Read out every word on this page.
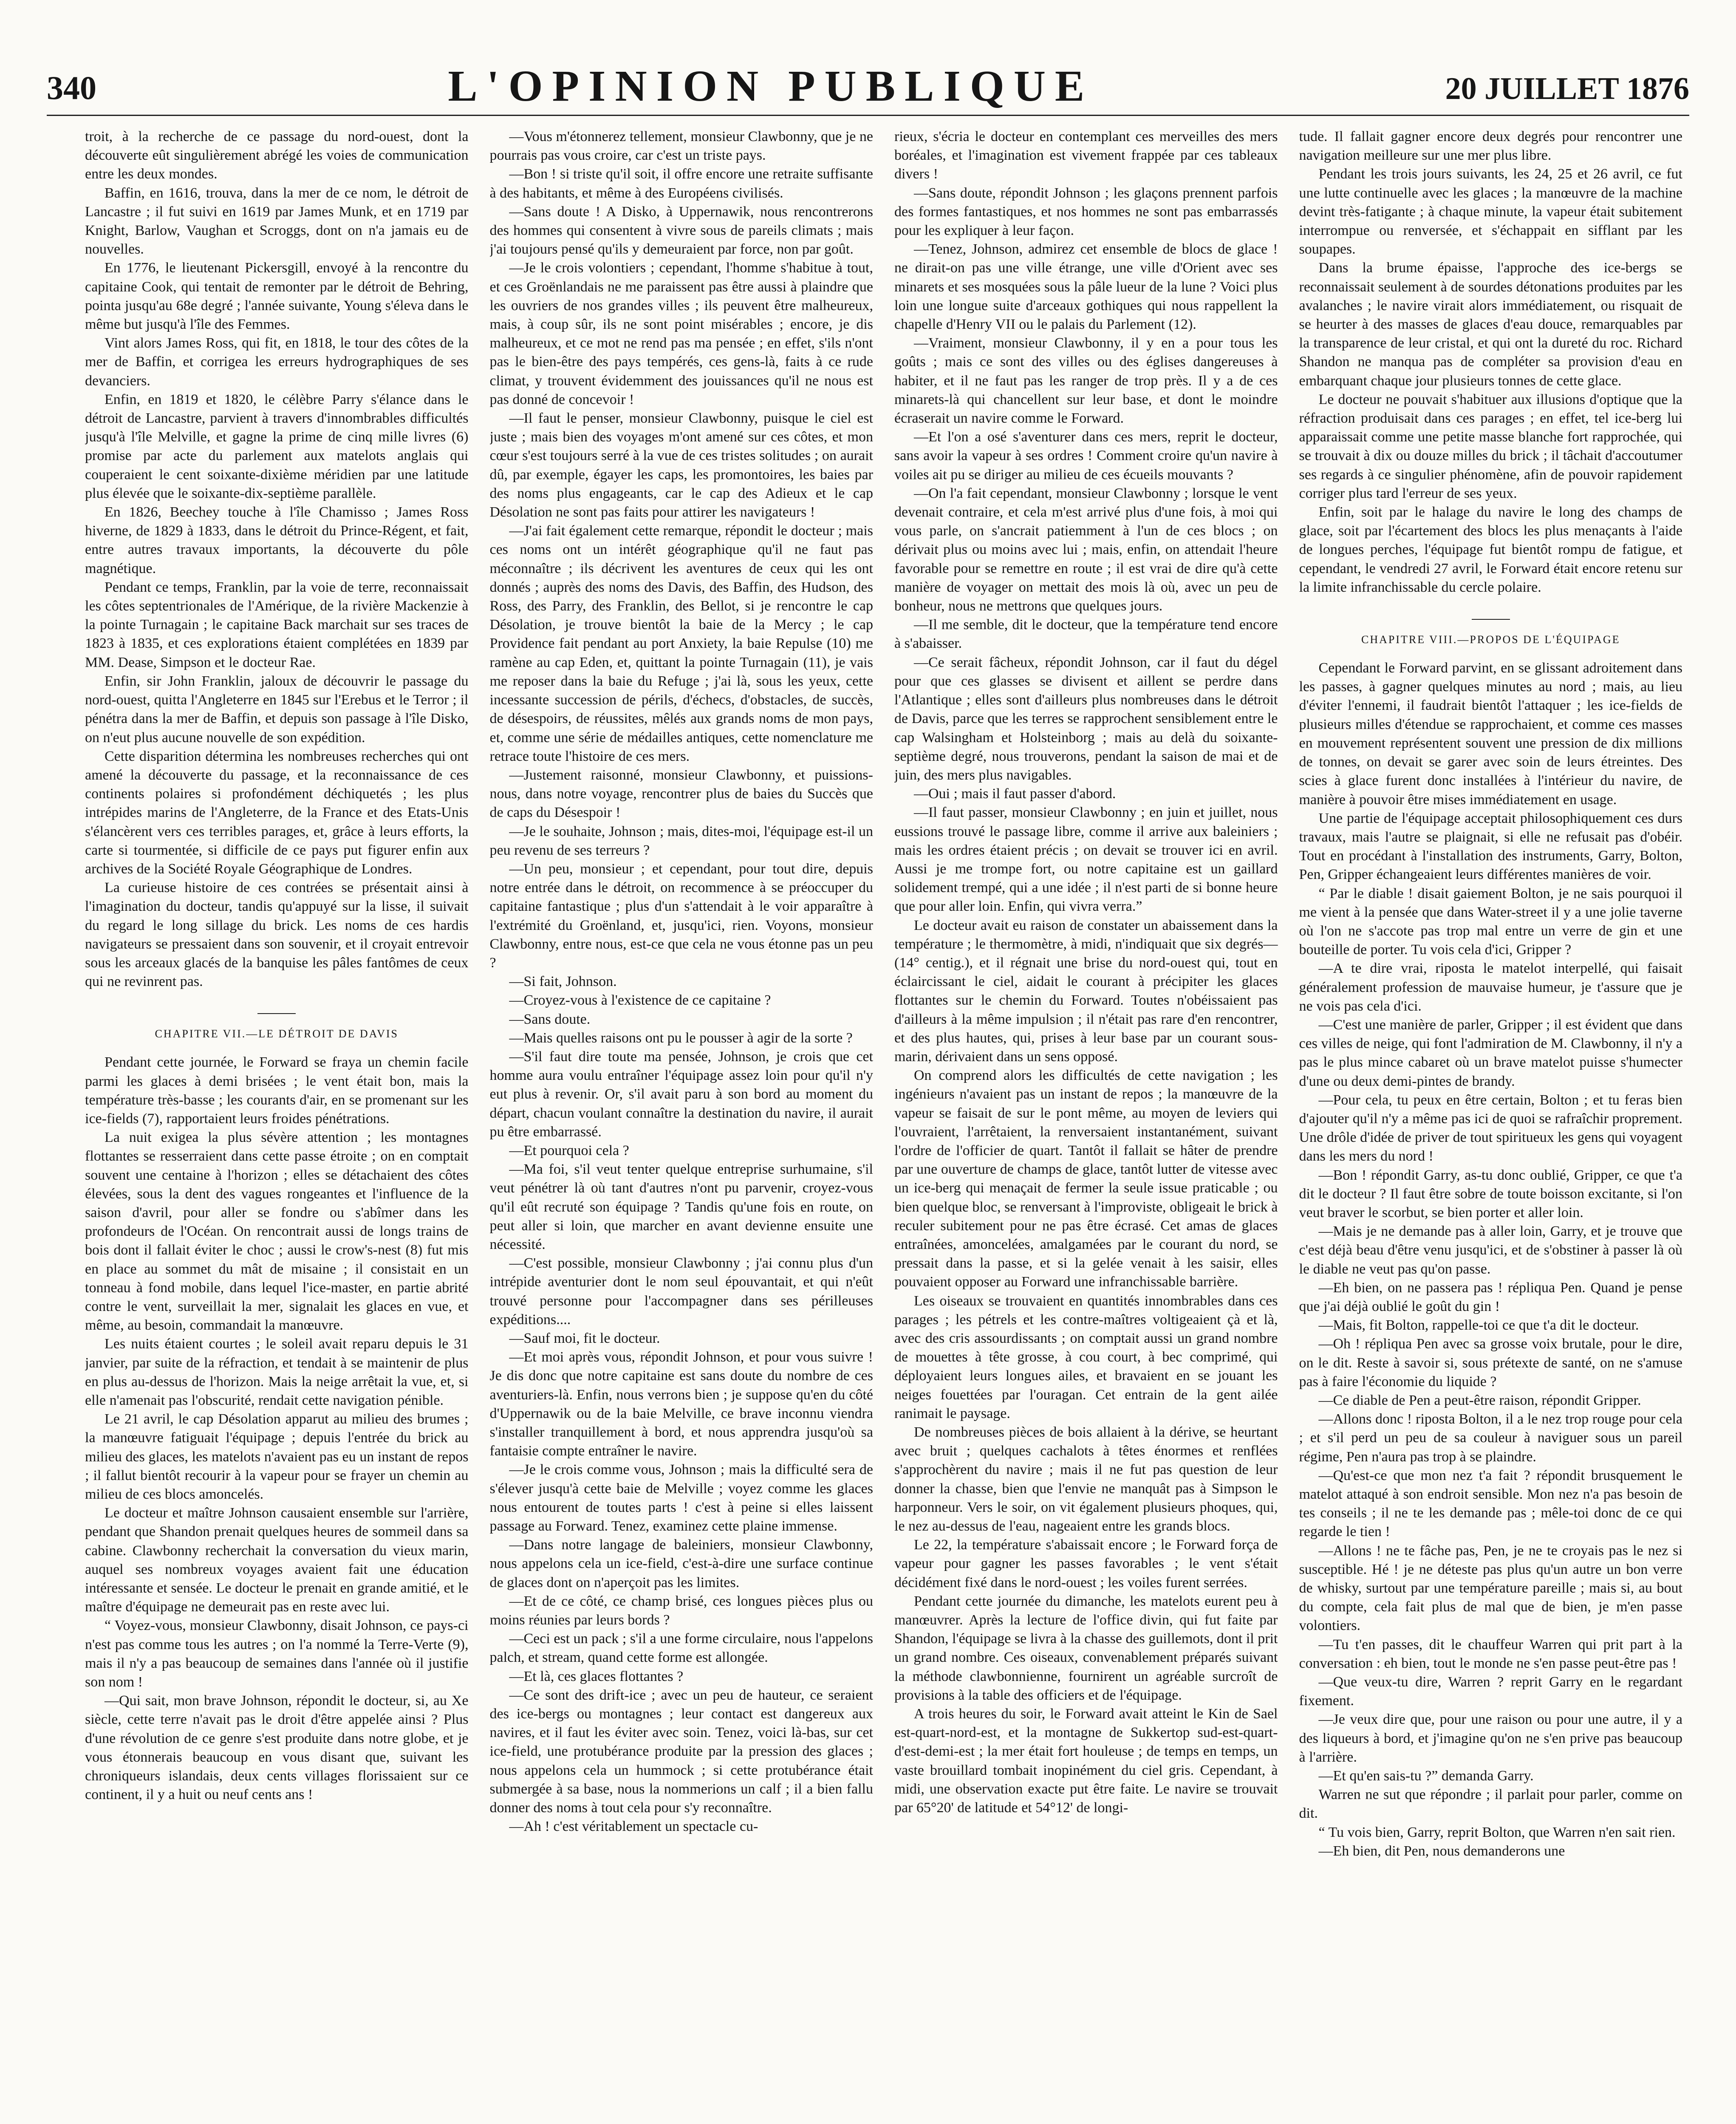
340	L'OPINION PUBLIQUE	20 JUILLET 1876

troit, à la recherche de ce passage du nord-ouest, dont la découverte eût singulièrement abrégé les voies de communication entre les deux mondes.

Baffin, en 1616, trouva, dans la mer de ce nom, le détroit de Lancastre ; il fut suivi en 1619 par James Munk, et en 1719 par Knight, Barlow, Vaughan et Scroggs, dont on n'a jamais eu de nouvelles.

En 1776, le lieutenant Pickersgill, envoyé à la rencontre du capitaine Cook, qui tentait de remonter par le détroit de Behring, pointa jusqu'au 68e degré ; l'année suivante, Young s'éleva dans le même but jusqu'à l'île des Femmes.

Vint alors James Ross, qui fit, en 1818, le tour des côtes de la mer de Baffin, et corrigea les erreurs hydrographiques de ses devanciers.

Enfin, en 1819 et 1820, le célèbre Parry s'élance dans le détroit de Lancastre, parvient à travers d'innombrables difficultés jusqu'à l'île Melville, et gagne la prime de cinq mille livres (6) promise par acte du parlement aux matelots anglais qui couperaient le cent soixante-dixième méridien par une latitude plus élevée que le soixante-dix-septième parallèle.

En 1826, Beechey touche à l'île Chamisso ; James Ross hiverne, de 1829 à 1833, dans le détroit du Prince-Régent, et fait, entre autres travaux importants, la découverte du pôle magnétique.

Pendant ce temps, Franklin, par la voie de terre, reconnaissait les côtes septentrionales de l'Amérique, de la rivière Mackenzie à la pointe Turnagain ; le capitaine Back marchait sur ses traces de 1823 à 1835, et ces explorations étaient complétées en 1839 par MM. Dease, Simpson et le docteur Rae.

Enfin, sir John Franklin, jaloux de découvrir le passage du nord-ouest, quitta l'Angleterre en 1845 sur l'Erebus et le Terror ; il pénétra dans la mer de Baffin, et depuis son passage à l'île Disko, on n'eut plus aucune nouvelle de son expédition.

Cette disparition détermina les nombreuses recherches qui ont amené la découverte du passage, et la reconnaissance de ces continents polaires si profondément déchiquetés ; les plus intrépides marins de l'Angleterre, de la France et des Etats-Unis s'élancèrent vers ces terribles parages, et, grâce à leurs efforts, la carte si tourmentée, si difficile de ce pays put figurer enfin aux archives de la Société Royale Géographique de Londres.

La curieuse histoire de ces contrées se présentait ainsi à l'imagination du docteur, tandis qu'appuyé sur la lisse, il suivait du regard le long sillage du brick. Les noms de ces hardis navigateurs se pressaient dans son souvenir, et il croyait entrevoir sous les arceaux glacés de la banquise les pâles fantômes de ceux qui ne revinrent pas.

CHAPITRE VII.—LE DÉTROIT DE DAVIS

Pendant cette journée, le Forward se fraya un chemin facile parmi les glaces à demi brisées ; le vent était bon, mais la température très-basse ; les courants d'air, en se promenant sur les ice-fields (7), rapportaient leurs froides pénétrations.

La nuit exigea la plus sévère attention ; les montagnes flottantes se resserraient dans cette passe étroite ; on en comptait souvent une centaine à l'horizon ; elles se détachaient des côtes élevées, sous la dent des vagues rongeantes et l'influence de la saison d'avril, pour aller se fondre ou s'abîmer dans les profondeurs de l'Océan. On rencontrait aussi de longs trains de bois dont il fallait éviter le choc ; aussi le crow's-nest (8) fut mis en place au sommet du mât de misaine ; il consistait en un tonneau à fond mobile, dans lequel l'ice-master, en partie abrité contre le vent, surveillait la mer, signalait les glaces en vue, et même, au besoin, commandait la manœuvre.

Les nuits étaient courtes ; le soleil avait reparu depuis le 31 janvier, par suite de la réfraction, et tendait à se maintenir de plus en plus au-dessus de l'horizon. Mais la neige arrêtait la vue, et, si elle n'amenait pas l'obscurité, rendait cette navigation pénible.

Le 21 avril, le cap Désolation apparut au milieu des brumes ; la manœuvre fatiguait l'équipage ; depuis l'entrée du brick au milieu des glaces, les matelots n'avaient pas eu un instant de repos ; il fallut bientôt recourir à la vapeur pour se frayer un chemin au milieu de ces blocs amoncelés.

Le docteur et maître Johnson causaient ensemble sur l'arrière, pendant que Shandon prenait quelques heures de sommeil dans sa cabine. Clawbonny recherchait la conversation du vieux marin, auquel ses nombreux voyages avaient fait une éducation intéressante et sensée. Le docteur le prenait en grande amitié, et le maître d'équipage ne demeurait pas en reste avec lui.

“ Voyez-vous, monsieur Clawbonny, disait Johnson, ce pays-ci n'est pas comme tous les autres ; on l'a nommé la Terre-Verte (9), mais il n'y a pas beaucoup de semaines dans l'année où il justifie son nom !

—Qui sait, mon brave Johnson, répondit le docteur, si, au Xe siècle, cette terre n'avait pas le droit d'être appelée ainsi ? Plus d'une révolution de ce genre s'est produite dans notre globe, et je vous étonnerais beaucoup en vous disant que, suivant les chroniqueurs islandais, deux cents villages florissaient sur ce continent, il y a huit ou neuf cents ans !

—Vous m'étonnerez tellement, monsieur Clawbonny, que je ne pourrais pas vous croire, car c'est un triste pays.

—Bon ! si triste qu'il soit, il offre encore une retraite suffisante à des habitants, et même à des Européens civilisés.

—Sans doute ! A Disko, à Uppernawik, nous rencontrerons des hommes qui consentent à vivre sous de pareils climats ; mais j'ai toujours pensé qu'ils y demeuraient par force, non par goût.

—Je le crois volontiers ; cependant, l'homme s'habitue à tout, et ces Groënlandais ne me paraissent pas être aussi à plaindre que les ouvriers de nos grandes villes ; ils peuvent être malheureux, mais, à coup sûr, ils ne sont point misérables ; encore, je dis malheureux, et ce mot ne rend pas ma pensée ; en effet, s'ils n'ont pas le bien-être des pays tempérés, ces gens-là, faits à ce rude climat, y trouvent évidemment des jouissances qu'il ne nous est pas donné de concevoir !

—Il faut le penser, monsieur Clawbonny, puisque le ciel est juste ; mais bien des voyages m'ont amené sur ces côtes, et mon cœur s'est toujours serré à la vue de ces tristes solitudes ; on aurait dû, par exemple, égayer les caps, les promontoires, les baies par des noms plus engageants, car le cap des Adieux et le cap Désolation ne sont pas faits pour attirer les navigateurs !

—J'ai fait également cette remarque, répondit le docteur ; mais ces noms ont un intérêt géographique qu'il ne faut pas méconnaître ; ils décrivent les aventures de ceux qui les ont donnés ; auprès des noms des Davis, des Baffin, des Hudson, des Ross, des Parry, des Franklin, des Bellot, si je rencontre le cap Désolation, je trouve bientôt la baie de la Mercy ; le cap Providence fait pendant au port Anxiety, la baie Repulse (10) me ramène au cap Eden, et, quittant la pointe Turnagain (11), je vais me reposer dans la baie du Refuge ; j'ai là, sous les yeux, cette incessante succession de périls, d'échecs, d'obstacles, de succès, de désespoirs, de réussites, mêlés aux grands noms de mon pays, et, comme une série de médailles antiques, cette nomenclature me retrace toute l'histoire de ces mers.

—Justement raisonné, monsieur Clawbonny, et puissions-nous, dans notre voyage, rencontrer plus de baies du Succès que de caps du Désespoir !

—Je le souhaite, Johnson ; mais, dites-moi, l'équipage est-il un peu revenu de ses terreurs ?

—Un peu, monsieur ; et cependant, pour tout dire, depuis notre entrée dans le détroit, on recommence à se préoccuper du capitaine fantastique ; plus d'un s'attendait à le voir apparaître à l'extrémité du Groënland, et, jusqu'ici, rien. Voyons, monsieur Clawbonny, entre nous, est-ce que cela ne vous étonne pas un peu ?

—Si fait, Johnson.

—Croyez-vous à l'existence de ce capitaine ?

—Sans doute.

—Mais quelles raisons ont pu le pousser à agir de la sorte ?

—S'il faut dire toute ma pensée, Johnson, je crois que cet homme aura voulu entraîner l'équipage assez loin pour qu'il n'y eut plus à revenir. Or, s'il avait paru à son bord au moment du départ, chacun voulant connaître la destination du navire, il aurait pu être embarrassé.

—Et pourquoi cela ?

—Ma foi, s'il veut tenter quelque entreprise surhumaine, s'il veut pénétrer là où tant d'autres n'ont pu parvenir, croyez-vous qu'il eût recruté son équipage ? Tandis qu'une fois en route, on peut aller si loin, que marcher en avant devienne ensuite une nécessité.

—C'est possible, monsieur Clawbonny ; j'ai connu plus d'un intrépide aventurier dont le nom seul épouvantait, et qui n'eût trouvé personne pour l'accompagner dans ses périlleuses expéditions....

—Sauf moi, fit le docteur.

—Et moi après vous, répondit Johnson, et pour vous suivre ! Je dis donc que notre capitaine est sans doute du nombre de ces aventuriers-là. Enfin, nous verrons bien ; je suppose qu'en du côté d'Uppernawik ou de la baie Melville, ce brave inconnu viendra s'installer tranquillement à bord, et nous apprendra jusqu'où sa fantaisie compte entraîner le navire.

—Je le crois comme vous, Johnson ; mais la difficulté sera de s'élever jusqu'à cette baie de Melville ; voyez comme les glaces nous entourent de toutes parts ! c'est à peine si elles laissent passage au Forward. Tenez, examinez cette plaine immense.

—Dans notre langage de baleiniers, monsieur Clawbonny, nous appelons cela un ice-field, c'est-à-dire une surface continue de glaces dont on n'aperçoit pas les limites.

—Et de ce côté, ce champ brisé, ces longues pièces plus ou moins réunies par leurs bords ?

—Ceci est un pack ; s'il a une forme circulaire, nous l'appelons palch, et stream, quand cette forme est allongée.

—Et là, ces glaces flottantes ?

—Ce sont des drift-ice ; avec un peu de hauteur, ce seraient des ice-bergs ou montagnes ; leur contact est dangereux aux navires, et il faut les éviter avec soin. Tenez, voici là-bas, sur cet ice-field, une protubérance produite par la pression des glaces ; nous appelons cela un hummock ; si cette protubérance était submergée à sa base, nous la nommerions un calf ; il a bien fallu donner des noms à tout cela pour s'y reconnaître.

—Ah ! c'est véritablement un spectacle cu-

rieux, s'écria le docteur en contemplant ces merveilles des mers boréales, et l'imagination est vivement frappée par ces tableaux divers !

—Sans doute, répondit Johnson ; les glaçons prennent parfois des formes fantastiques, et nos hommes ne sont pas embarrassés pour les expliquer à leur façon.

—Tenez, Johnson, admirez cet ensemble de blocs de glace ! ne dirait-on pas une ville étrange, une ville d'Orient avec ses minarets et ses mosquées sous la pâle lueur de la lune ? Voici plus loin une longue suite d'arceaux gothiques qui nous rappellent la chapelle d'Henry VII ou le palais du Parlement (12).

—Vraiment, monsieur Clawbonny, il y en a pour tous les goûts ; mais ce sont des villes ou des églises dangereuses à habiter, et il ne faut pas les ranger de trop près. Il y a de ces minarets-là qui chancellent sur leur base, et dont le moindre écraserait un navire comme le Forward.

—Et l'on a osé s'aventurer dans ces mers, reprit le docteur, sans avoir la vapeur à ses ordres ! Comment croire qu'un navire à voiles ait pu se diriger au milieu de ces écueils mouvants ?

—On l'a fait cependant, monsieur Clawbonny ; lorsque le vent devenait contraire, et cela m'est arrivé plus d'une fois, à moi qui vous parle, on s'ancrait patiemment à l'un de ces blocs ; on dérivait plus ou moins avec lui ; mais, enfin, on attendait l'heure favorable pour se remettre en route ; il est vrai de dire qu'à cette manière de voyager on mettait des mois là où, avec un peu de bonheur, nous ne mettrons que quelques jours.

—Il me semble, dit le docteur, que la température tend encore à s'abaisser.

—Ce serait fâcheux, répondit Johnson, car il faut du dégel pour que ces glasses se divisent et aillent se perdre dans l'Atlantique ; elles sont d'ailleurs plus nombreuses dans le détroit de Davis, parce que les terres se rapprochent sensiblement entre le cap Walsingham et Holsteinborg ; mais au delà du soixante-septième degré, nous trouverons, pendant la saison de mai et de juin, des mers plus navigables.

—Oui ; mais il faut passer d'abord.

—Il faut passer, monsieur Clawbonny ; en juin et juillet, nous eussions trouvé le passage libre, comme il arrive aux baleiniers ; mais les ordres étaient précis ; on devait se trouver ici en avril. Aussi je me trompe fort, ou notre capitaine est un gaillard solidement trempé, qui a une idée ; il n'est parti de si bonne heure que pour aller loin. Enfin, qui vivra verra.”

Le docteur avait eu raison de constater un abaissement dans la température ; le thermomètre, à midi, n'indiquait que six degrés—(14° centig.), et il régnait une brise du nord-ouest qui, tout en éclaircissant le ciel, aidait le courant à précipiter les glaces flottantes sur le chemin du Forward. Toutes n'obéissaient pas d'ailleurs à la même impulsion ; il n'était pas rare d'en rencontrer, et des plus hautes, qui, prises à leur base par un courant sous-marin, dérivaient dans un sens opposé.

On comprend alors les difficultés de cette navigation ; les ingénieurs n'avaient pas un instant de repos ; la manœuvre de la vapeur se faisait de sur le pont même, au moyen de leviers qui l'ouvraient, l'arrêtaient, la renversaient instantanément, suivant l'ordre de l'officier de quart. Tantôt il fallait se hâter de prendre par une ouverture de champs de glace, tantôt lutter de vitesse avec un ice-berg qui menaçait de fermer la seule issue praticable ; ou bien quelque bloc, se renversant à l'improviste, obligeait le brick à reculer subitement pour ne pas être écrasé. Cet amas de glaces entraînées, amoncelées, amalgamées par le courant du nord, se pressait dans la passe, et si la gelée venait à les saisir, elles pouvaient opposer au Forward une infranchissable barrière.

Les oiseaux se trouvaient en quantités innombrables dans ces parages ; les pétrels et les contre-maîtres voltigeaient çà et là, avec des cris assourdissants ; on comptait aussi un grand nombre de mouettes à tête grosse, à cou court, à bec comprimé, qui déployaient leurs longues ailes, et bravaient en se jouant les neiges fouettées par l'ouragan. Cet entrain de la gent ailée ranimait le paysage.

De nombreuses pièces de bois allaient à la dérive, se heurtant avec bruit ; quelques cachalots à têtes énormes et renflées s'approchèrent du navire ; mais il ne fut pas question de leur donner la chasse, bien que l'envie ne manquât pas à Simpson le harponneur. Vers le soir, on vit également plusieurs phoques, qui, le nez au-dessus de l'eau, nageaient entre les grands blocs.

Le 22, la température s'abaissait encore ; le Forward força de vapeur pour gagner les passes favorables ; le vent s'était décidément fixé dans le nord-ouest ; les voiles furent serrées.

Pendant cette journée du dimanche, les matelots eurent peu à manœuvrer. Après la lecture de l'office divin, qui fut faite par Shandon, l'équipage se livra à la chasse des guillemots, dont il prit un grand nombre. Ces oiseaux, convenablement préparés suivant la méthode clawbonnienne, fournirent un agréable surcroît de provisions à la table des officiers et de l'équipage.

A trois heures du soir, le Forward avait atteint le Kin de Sael est-quart-nord-est, et la montagne de Sukkertop sud-est-quart-d'est-demi-est ; la mer était fort houleuse ; de temps en temps, un vaste brouillard tombait inopinément du ciel gris. Cependant, à midi, une observation exacte put être faite. Le navire se trouvait par 65°20' de latitude et 54°12' de longi-

tude. Il fallait gagner encore deux degrés pour rencontrer une navigation meilleure sur une mer plus libre.

Pendant les trois jours suivants, les 24, 25 et 26 avril, ce fut une lutte continuelle avec les glaces ; la manœuvre de la machine devint très-fatigante ; à chaque minute, la vapeur était subitement interrompue ou renversée, et s'échappait en sifflant par les soupapes.

Dans la brume épaisse, l'approche des ice-bergs se reconnaissait seulement à de sourdes détonations produites par les avalanches ; le navire virait alors immédiatement, ou risquait de se heurter à des masses de glaces d'eau douce, remarquables par la transparence de leur cristal, et qui ont la dureté du roc. Richard Shandon ne manqua pas de compléter sa provision d'eau en embarquant chaque jour plusieurs tonnes de cette glace.

Le docteur ne pouvait s'habituer aux illusions d'optique que la réfraction produisait dans ces parages ; en effet, tel ice-berg lui apparaissait comme une petite masse blanche fort rapprochée, qui se trouvait à dix ou douze milles du brick ; il tâchait d'accoutumer ses regards à ce singulier phénomène, afin de pouvoir rapidement corriger plus tard l'erreur de ses yeux.

Enfin, soit par le halage du navire le long des champs de glace, soit par l'écartement des blocs les plus menaçants à l'aide de longues perches, l'équipage fut bientôt rompu de fatigue, et cependant, le vendredi 27 avril, le Forward était encore retenu sur la limite infranchissable du cercle polaire.

CHAPITRE VIII.—PROPOS DE L'ÉQUIPAGE

Cependant le Forward parvint, en se glissant adroitement dans les passes, à gagner quelques minutes au nord ; mais, au lieu d'éviter l'ennemi, il faudrait bientôt l'attaquer ; les ice-fields de plusieurs milles d'étendue se rapprochaient, et comme ces masses en mouvement représentent souvent une pression de dix millions de tonnes, on devait se garer avec soin de leurs étreintes. Des scies à glace furent donc installées à l'intérieur du navire, de manière à pouvoir être mises immédiatement en usage.

Une partie de l'équipage acceptait philosophiquement ces durs travaux, mais l'autre se plaignait, si elle ne refusait pas d'obéir. Tout en procédant à l'installation des instruments, Garry, Bolton, Pen, Gripper échangeaient leurs différentes manières de voir.

“ Par le diable ! disait gaiement Bolton, je ne sais pourquoi il me vient à la pensée que dans Water-street il y a une jolie taverne où l'on ne s'accote pas trop mal entre un verre de gin et une bouteille de porter. Tu vois cela d'ici, Gripper ?

—A te dire vrai, riposta le matelot interpellé, qui faisait généralement profession de mauvaise humeur, je t'assure que je ne vois pas cela d'ici.

—C'est une manière de parler, Gripper ; il est évident que dans ces villes de neige, qui font l'admiration de M. Clawbonny, il n'y a pas le plus mince cabaret où un brave matelot puisse s'humecter d'une ou deux demi-pintes de brandy.

—Pour cela, tu peux en être certain, Bolton ; et tu feras bien d'ajouter qu'il n'y a même pas ici de quoi se rafraîchir proprement. Une drôle d'idée de priver de tout spiritueux les gens qui voyagent dans les mers du nord !

—Bon ! répondit Garry, as-tu donc oublié, Gripper, ce que t'a dit le docteur ? Il faut être sobre de toute boisson excitante, si l'on veut braver le scorbut, se bien porter et aller loin.

—Mais je ne demande pas à aller loin, Garry, et je trouve que c'est déjà beau d'être venu jusqu'ici, et de s'obstiner à passer là où le diable ne veut pas qu'on passe.

—Eh bien, on ne passera pas ! répliqua Pen. Quand je pense que j'ai déjà oublié le goût du gin !

—Mais, fit Bolton, rappelle-toi ce que t'a dit le docteur.

—Oh ! répliqua Pen avec sa grosse voix brutale, pour le dire, on le dit. Reste à savoir si, sous prétexte de santé, on ne s'amuse pas à faire l'économie du liquide ?

—Ce diable de Pen a peut-être raison, répondit Gripper.

—Allons donc ! riposta Bolton, il a le nez trop rouge pour cela ; et s'il perd un peu de sa couleur à naviguer sous un pareil régime, Pen n'aura pas trop à se plaindre.

—Qu'est-ce que mon nez t'a fait ? répondit brusquement le matelot attaqué à son endroit sensible. Mon nez n'a pas besoin de tes conseils ; il ne te les demande pas ; mêle-toi donc de ce qui regarde le tien !

—Allons ! ne te fâche pas, Pen, je ne te croyais pas le nez si susceptible. Hé ! je ne déteste pas plus qu'un autre un bon verre de whisky, surtout par une température pareille ; mais si, au bout du compte, cela fait plus de mal que de bien, je m'en passe volontiers.

—Tu t'en passes, dit le chauffeur Warren qui prit part à la conversation : eh bien, tout le monde ne s'en passe peut-être pas !

—Que veux-tu dire, Warren ? reprit Garry en le regardant fixement.

—Je veux dire que, pour une raison ou pour une autre, il y a des liqueurs à bord, et j'imagine qu'on ne s'en prive pas beaucoup à l'arrière.

—Et qu'en sais-tu ?” demanda Garry.

Warren ne sut que répondre ; il parlait pour parler, comme on dit.

“ Tu vois bien, Garry, reprit Bolton, que Warren n'en sait rien.

—Eh bien, dit Pen, nous demanderons une
